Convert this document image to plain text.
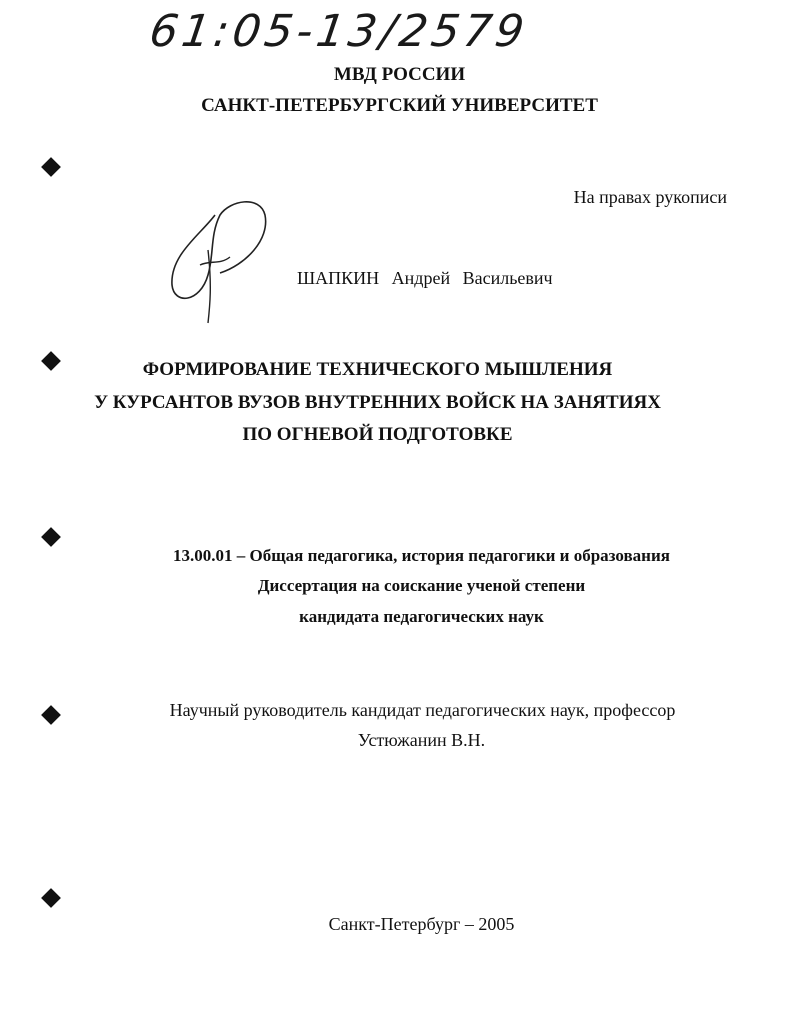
61:05-13/2579
МВД РОССИИ
САНКТ-ПЕТЕРБУРГСКИЙ УНИВЕРСИТЕТ
На правах рукописи
ШАПКИН Андрей Васильевич
ФОРМИРОВАНИЕ ТЕХНИЧЕСКОГО МЫШЛЕНИЯ
У КУРСАНТОВ ВУЗОВ ВНУТРЕННИХ ВОЙСК НА ЗАНЯТИЯХ
ПО ОГНЕВОЙ ПОДГОТОВКЕ
13.00.01 – Общая педагогика, история педагогики и образования
Диссертация на соискание ученой степени
кандидата педагогических наук
Научный руководитель кандидат педагогических наук, профессор
Устюжанин В.Н.
Санкт-Петербург – 2005
